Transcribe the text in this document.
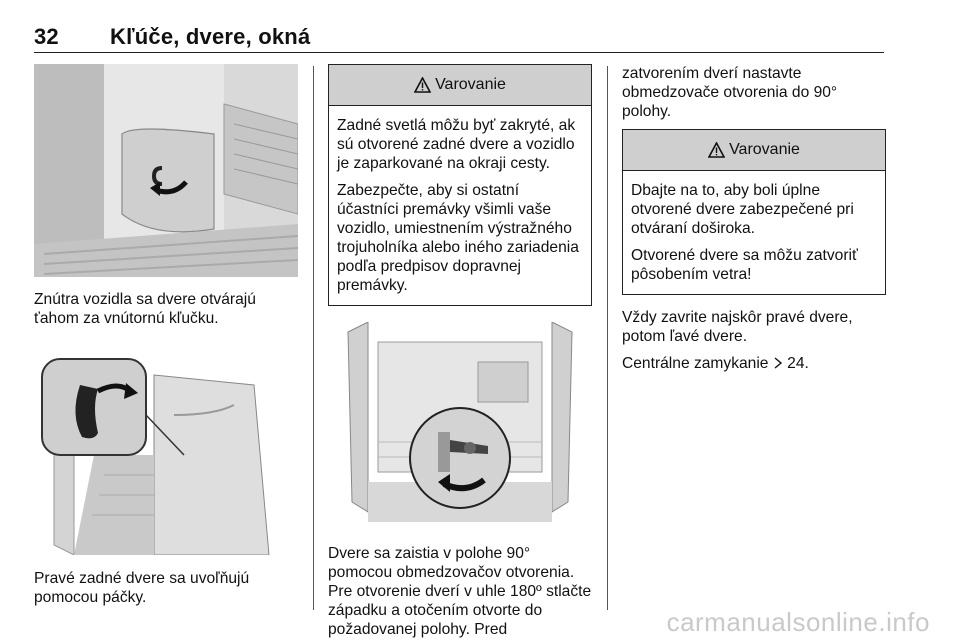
32 Kľúče, dvere, okná

Znútra vozidla sa dvere otvárajú ťahom za vnútornú kľučku.

Pravé zadné dvere sa uvoľňujú pomocou páčky.

Varovanie

Zadné svetlá môžu byť zakryté, ak sú otvorené zadné dvere a vozidlo je zaparkované na okraji cesty.

Zabezpečte, aby si ostatní účastníci premávky všimli vaše vozidlo, umiestnením výstražného trojuholníka alebo iného zariadenia podľa predpisov dopravnej premávky.

Dvere sa zaistia v polohe 90° pomocou obmedzovačov otvorenia. Pre otvorenie dverí v uhle 180º stlačte západku a otočením otvorte do požadovanej polohy. Pred

zatvorením dverí nastavte obmedzovače otvorenia do 90° polohy.

Varovanie

Dbajte na to, aby boli úplne otvorené dvere zabezpečené pri otváraní doširoka.

Otvorené dvere sa môžu zatvoriť pôsobením vetra!

Vždy zavrite najskôr pravé dvere, potom ľavé dvere.

Centrálne zamykanie 24.

carmanualsonline.info
